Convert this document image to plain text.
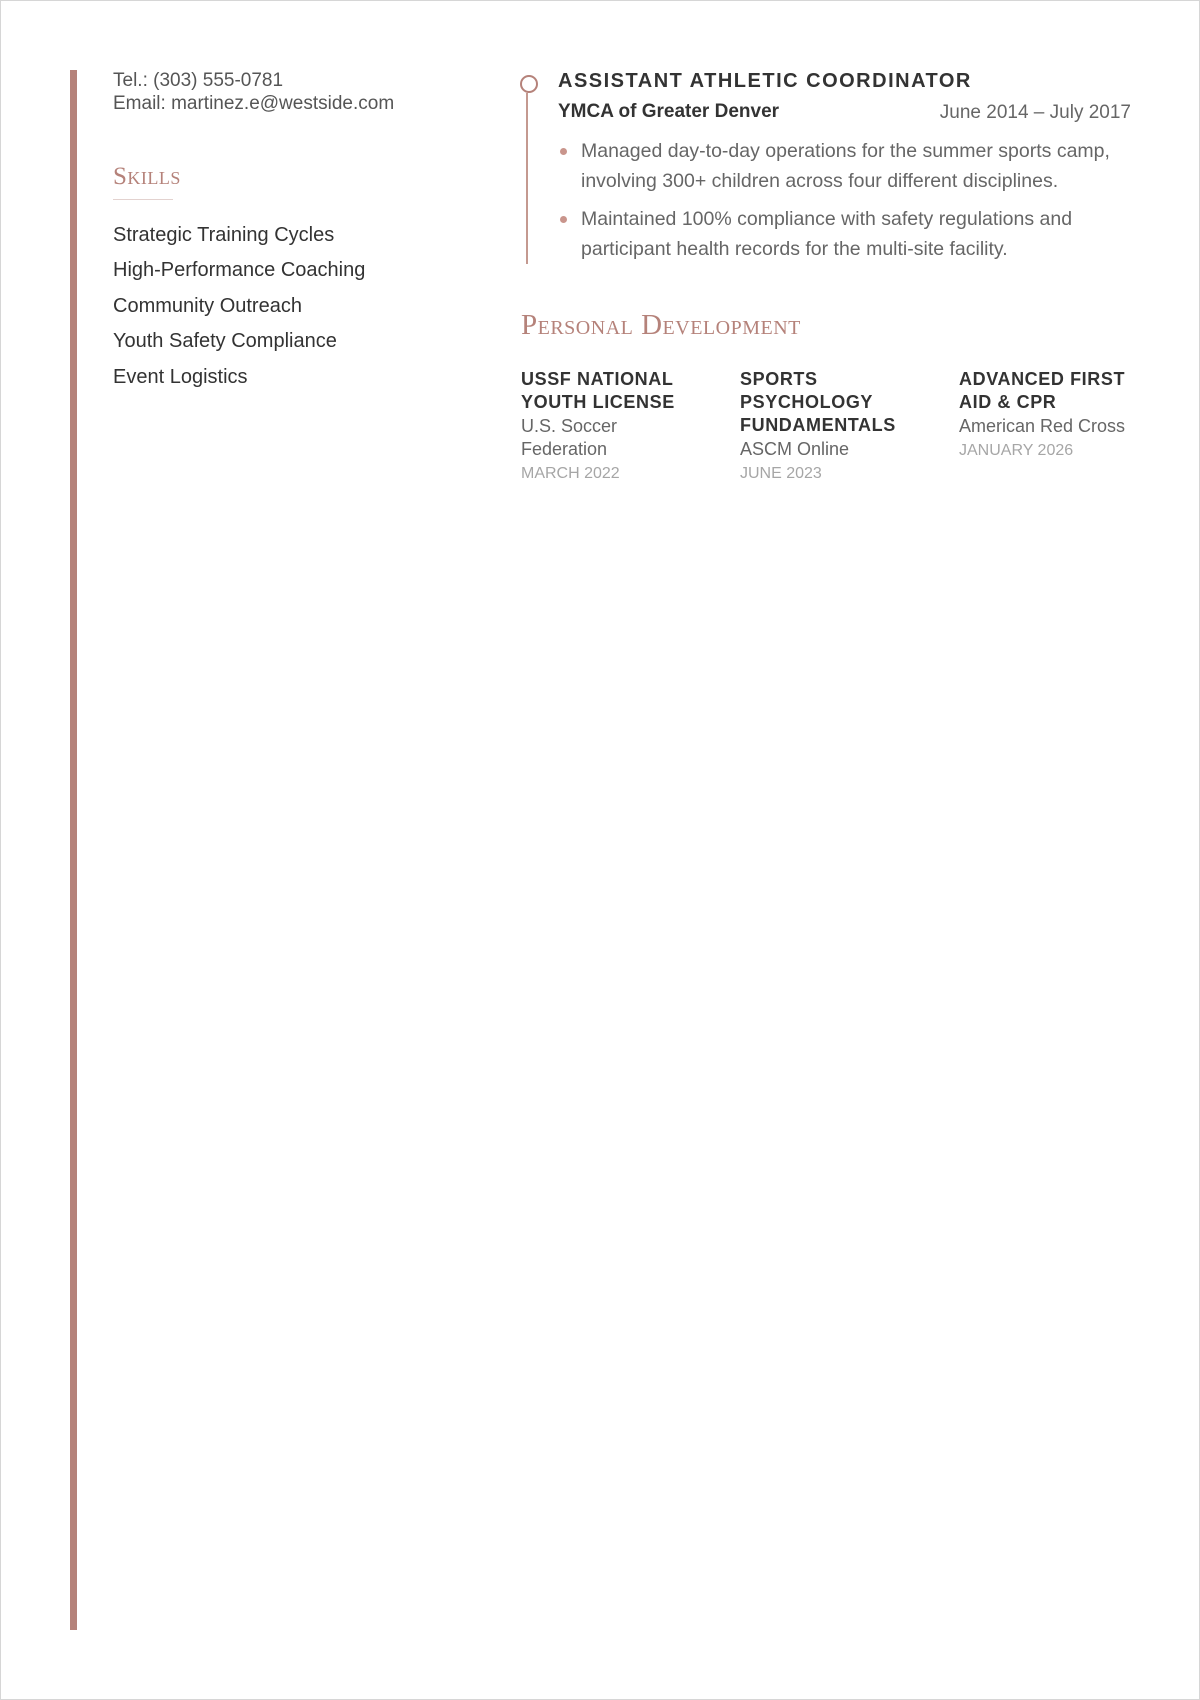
Tel.: (303) 555-0781
Email: martinez.e@westside.com
Skills
Strategic Training Cycles
High-Performance Coaching
Community Outreach
Youth Safety Compliance
Event Logistics
ASSISTANT ATHLETIC COORDINATOR
YMCA of Greater Denver	June 2014 – July 2017
Managed day-to-day operations for the summer sports camp, involving 300+ children across four different disciplines.
Maintained 100% compliance with safety regulations and participant health records for the multi-site facility.
Personal Development
USSF NATIONAL YOUTH LICENSE
U.S. Soccer Federation
MARCH 2022
SPORTS PSYCHOLOGY FUNDAMENTALS
ASCM Online
JUNE 2023
ADVANCED FIRST AID & CPR
American Red Cross
JANUARY 2026
